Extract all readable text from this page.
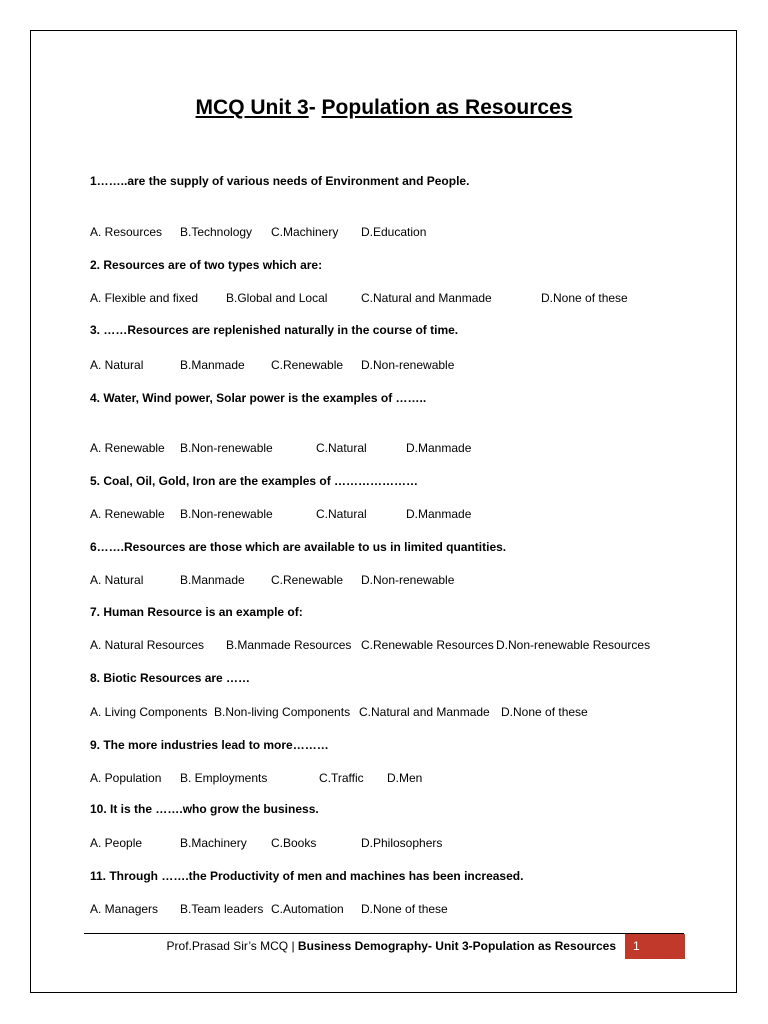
MCQ Unit 3- Population as Resources
1……..are the supply of various needs of Environment and People.
A. Resources B.Technology C.Machinery D.Education
2. Resources are of two types which are:
A. Flexible and fixed B.Global and Local	C.Natural and Manmade	D.None of these
3. ……Resources are replenished naturally in the course of time.
A. Natural	B.Manmade C.Renewable D.Non-renewable
4. Water, Wind power, Solar power is the examples of ……..
A. Renewable B.Non-renewable	C.Natural	D.Manmade
5. Coal, Oil, Gold, Iron are the examples of …………………
A. Renewable B.Non-renewable	C.Natural	D.Manmade
6…….Resources are those which are available to us in limited quantities.
A. Natural	B.Manmade C.Renewable D.Non-renewable
7. Human Resource is an example of:
A. Natural Resources B.Manmade Resources C.Renewable Resources D.Non-renewable Resources
8. Biotic Resources are ……
A. Living Components B.Non-living Components C.Natural and Manmade D.None of these
9. The more industries lead to more………
A. Population B. Employments	C.Traffic D.Men
10. It is the …….who grow the business.
A. People	B.Machinery C.Books	D.Philosophers
11. Through …….the Productivity of men and machines has been increased.
A. Managers B.Team leaders C.Automation D.None of these
Prof.Prasad Sir’s MCQ | Business Demography- Unit 3-Population as Resources	1
